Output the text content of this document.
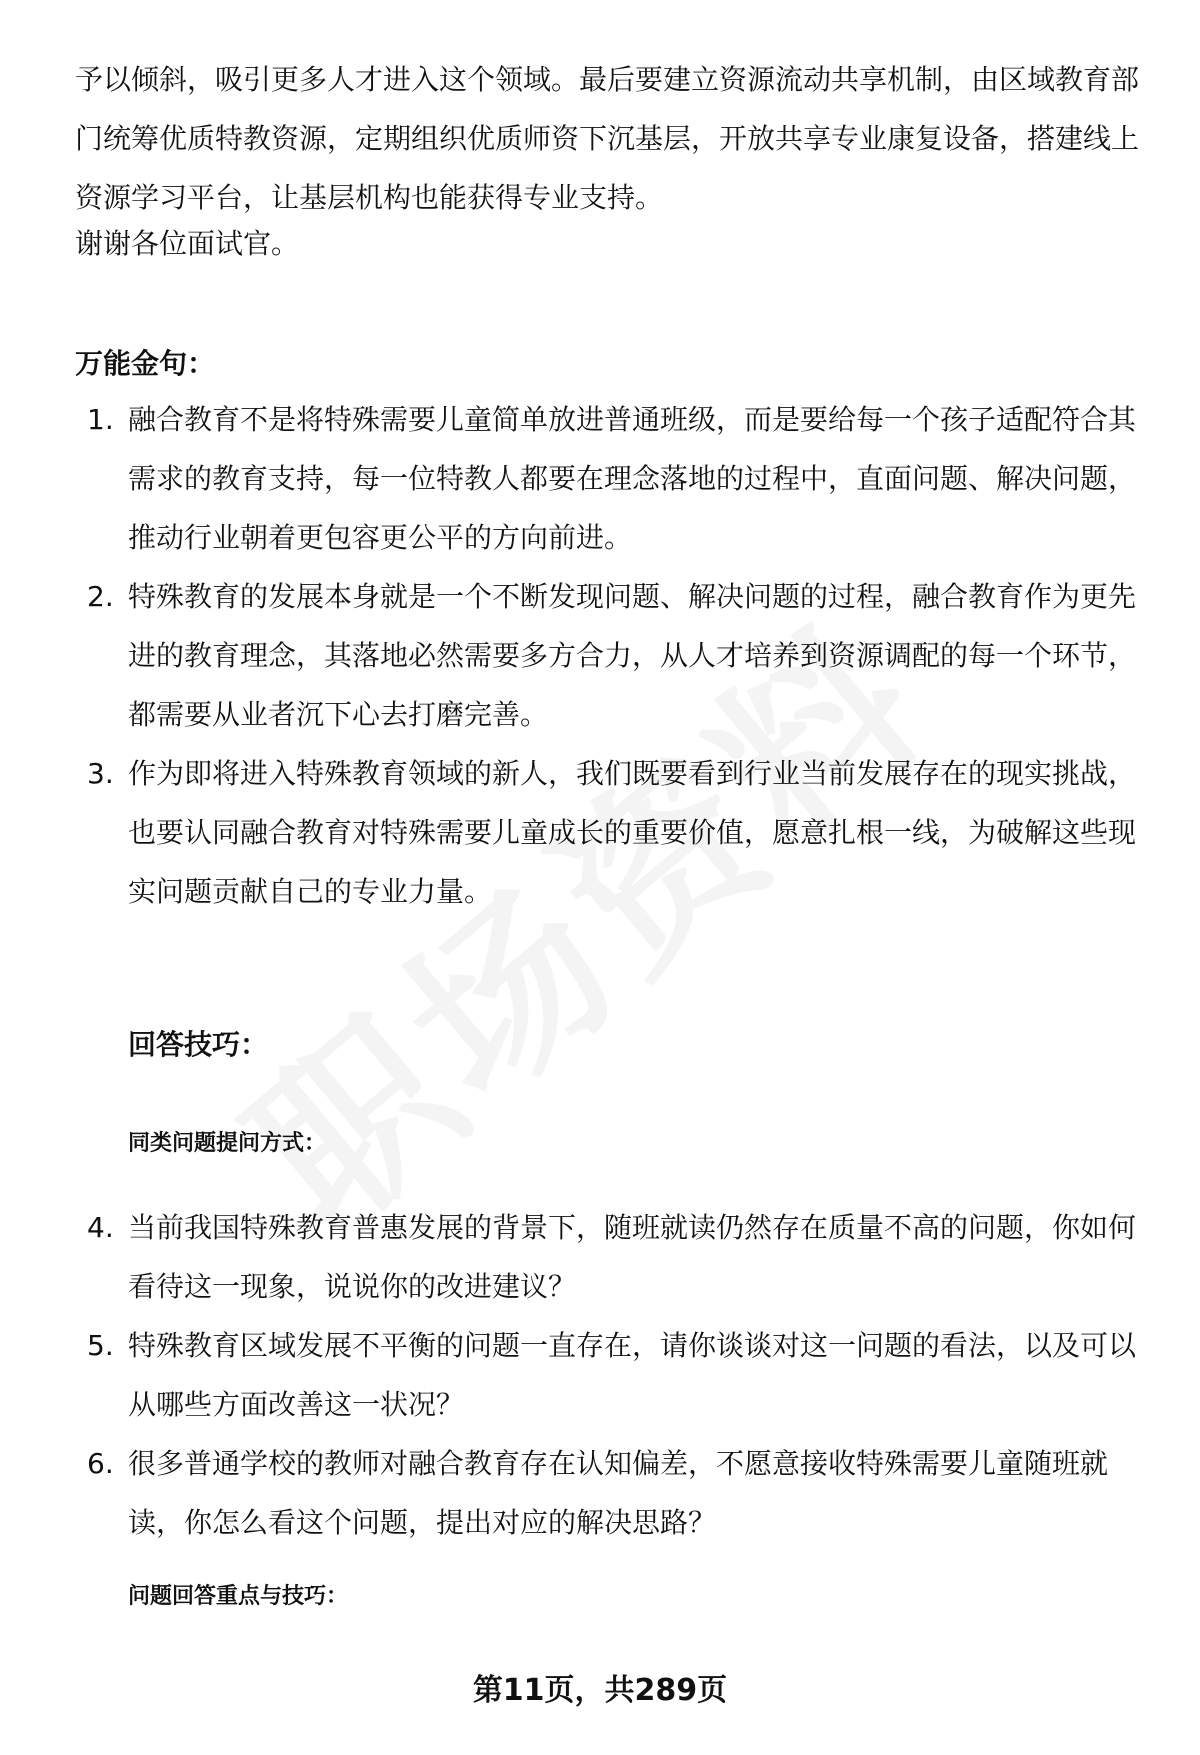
予以倾斜，吸引更多人才进入这个领域。最后要建立资源流动共享机制，由区域教育部门统筹优质特教资源，定期组织优质师资下沉基层，开放共享专业康复设备，搭建线上资源学习平台，让基层机构也能获得专业支持。

谢谢各位面试官。

万能金句：
1. 融合教育不是将特殊需要儿童简单放进普通班级，而是要给每一个孩子适配符合其需求的教育支持，每一位特教人都要在理念落地的过程中，直面问题、解决问题，推动行业朝着更包容更公平的方向前进。
2. 特殊教育的发展本身就是一个不断发现问题、解决问题的过程，融合教育作为更先进的教育理念，其落地必然需要多方合力，从人才培养到资源调配的每一个环节，都需要从业者沉下心去打磨完善。
3. 作为即将进入特殊教育领域的新人，我们既要看到行业当前发展存在的现实挑战，也要认同融合教育对特殊需要儿童成长的重要价值，愿意扎根一线，为破解这些现实问题贡献自己的专业力量。
回答技巧：
同类问题提问方式：
4. 当前我国特殊教育普惠发展的背景下，随班就读仍然存在质量不高的问题，你如何看待这一现象，说说你的改进建议？
5. 特殊教育区域发展不平衡的问题一直存在，请你谈谈对这一问题的看法，以及可以从哪些方面改善这一状况？
6. 很多普通学校的教师对融合教育存在认知偏差，不愿意接收特殊需要儿童随班就读，你怎么看这个问题，提出对应的解决思路？
问题回答重点与技巧：
第11页，共289页
